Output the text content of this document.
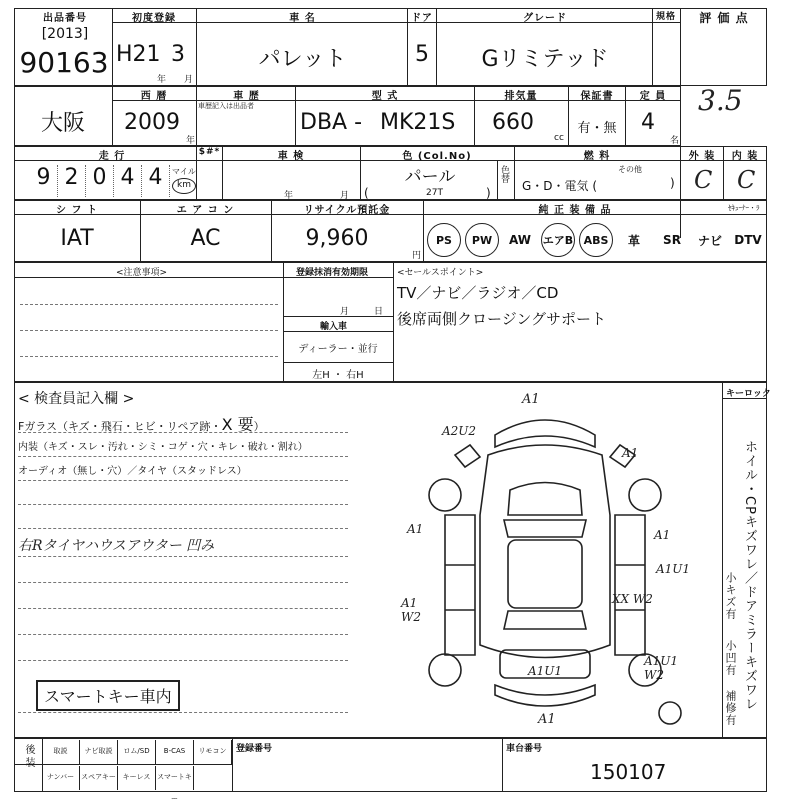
出品番号
[2013]
90163
初度登録
H21 3
年 月
車 名
パレット
ドア
5
グレード
Gリミテッド
規格	評 価 点
3.5
大阪
西 暦
2009
年
車 歴
車歴記入は出品者
型 式
DBA - MK21S
排気量
660
cc
保証書
有・無
定 員
4
名
走 行
9 2 0 4 4	マイル
km
$#*	車 検
年	月
色 (Col.No)
パール
27T
(	)
色替
燃 料
G・D・電気 (
その他
)
外 装
C
内 装
C
シ フ ト
IAT
エ ア コ ン
AC
リサイクル預託金
9,960
円
純 正 装 備 品	ｾｷｭｰﾅｰ・ﾗ
PS	PW	AW エアB ABS	革 SR ナビ DTV
<注意事項>	登録抹消有効期限
月	日
輸入車
ディーラー・並行
左H ・ 右H
<セールスポイント>
TV／ナビ／ラジオ／CD
後席両側クロージングサポート
< 検査員記入欄 >
Fガラス（キズ・飛石・ヒビ・リペア跡・X 要）
内装（キズ・スレ・汚れ・シミ・コゲ・穴・キレ・破れ・割れ）
オーディオ（無し・穴）／タイヤ（スタッドレス）
右Rタイヤハウスアウター 凹み
スマートキー車内
キーロック
ホイル・CPキズワレ／ドアミラーキズワレ
小キズ有
小凹有
補修有
A1
A2U2
A1
A1	A1
A1U1
A1 W2
XX W2
A1U1
A1U1 W2
A1
後 装	取説	ナビ取説	ロム/SD	B-CAS	リモコン
ナンバー	スペアキー キーレス スマートキー
登録番号	車台番号
150107
